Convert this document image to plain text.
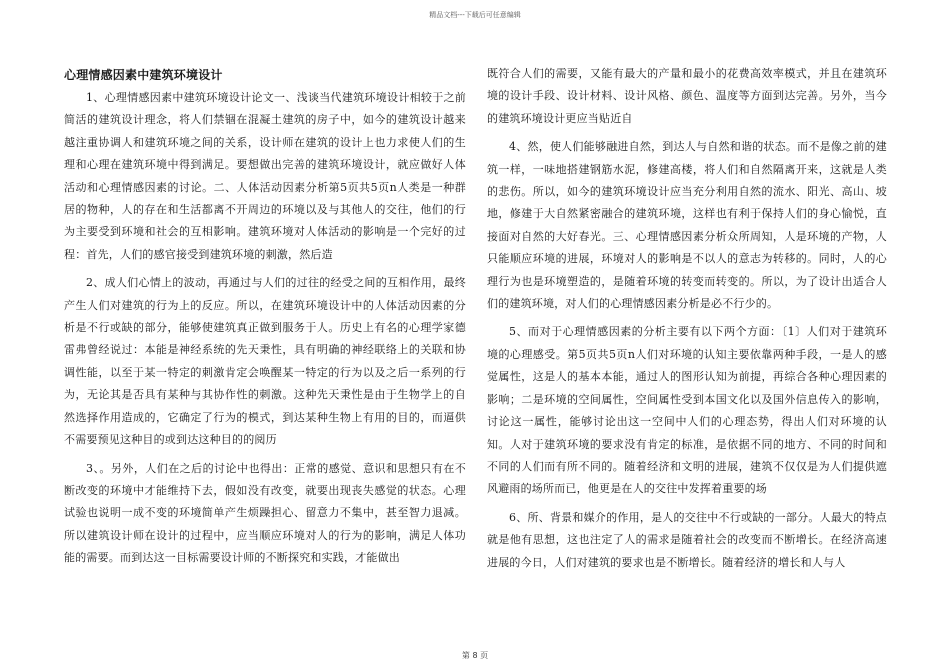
精品文档---下载后可任意编辑
心理情感因素中建筑环境设计

1、心理情感因素中建筑环境设计论文一、浅谈当代建筑环境设计相较于之前简活的建筑设计理念，将人们禁锢在混凝土建筑的房子中，如今的建筑设计越来越注重协调人和建筑环境之间的关系，设计师在建筑的设计上也力求使人们的生理和心理在建筑环境中得到满足。要想做出完善的建筑环境设计，就应做好人体活动和心理情感因素的讨论。二、人体活动因素分析第5页共5页n人类是一种群居的物种，人的存在和生活都离不开周边的环境以及与其他人的交往，他们的行为主要受到环境和社会的互相影响。建筑环境对人体活动的影响是一个完好的过程：首先，人们的感官接受到建筑环境的刺激，然后造

2、成人们心情上的波动，再通过与人们的过往的经受之间的互相作用，最终产生人们对建筑的行为上的反应。所以，在建筑环境设计中的人体活动因素的分析是不行或缺的部分，能够使建筑真正做到服务于人。历史上有名的心理学家德雷弗曾经说过：本能是神经系统的先天秉性，具有明确的神经联络上的关联和协调性能，以至于某一特定的刺激肯定会唤醒某一特定的行为以及之后一系列的行为，无论其是否具有某种与其协作性的刺激。这种先天秉性是由于生物学上的自然选择作用造成的，它确定了行为的模式，到达某种生物上有用的目的，而逼供不需要预见这种目的或到达这种目的的阅历

3、。另外，人们在之后的讨论中也得出：正常的感觉、意识和思想只有在不断改变的环境中才能维持下去，假如没有改变，就要出现丧失感觉的状态。心理试验也说明一成不变的环境简单产生烦躁担心、留意力不集中，甚至智力退减。所以建筑设计师在设计的过程中，应当顺应环境对人的行为的影响，满足人体功能的需要。而到达这一目标需要设计师的不断探究和实践，才能做出

既符合人们的需要，又能有最大的产量和最小的花费高效率模式，并且在建筑环境的设计手段、设计材料、设计风格、颜色、温度等方面到达完善。另外，当今的建筑环境设计更应当贴近自

4、然，使人们能够融进自然，到达人与自然和谐的状态。而不是像之前的建筑一样，一味地搭建钢筋水泥，修建高楼，将人们和自然隔离开来，这就是人类的悲伤。所以，如今的建筑环境设计应当充分利用自然的流水、阳光、高山、坡地，修建于大自然紧密融合的建筑环境，这样也有利于保持人们的身心愉悦，直接面对自然的大好春光。三、心理情感因素分析众所周知，人是环境的产物，人只能顺应环境的进展，环境对人的影响是不以人的意志为转移的。同时，人的心理行为也是环境塑造的，是随着环境的转变而转变的。所以，为了设计出适合人们的建筑环境，对人们的心理情感因素分析是必不行少的。

5、而对于心理情感因素的分析主要有以下两个方面：〔1〕人们对于建筑环境的心理感受。第5页共5页n人们对环境的认知主要依靠两种手段，一是人的感觉属性，这是人的基本本能，通过人的图形认知为前提，再综合各种心理因素的影响；二是环境的空间属性，空间属性受到本国文化以及国外信息传入的影响，讨论这一属性，能够讨论出这一空间中人们的心理态势，得出人们对环境的认知。人对于建筑环境的要求没有肯定的标准，是依据不同的地方、不同的时间和不同的人们而有所不同的。随着经济和文明的进展，建筑不仅仅是为人们提供遮风避雨的场所而已，他更是在人的交往中发挥着重要的场

6、所、背景和媒介的作用，是人的交往中不行或缺的一部分。人最大的特点就是他有思想，这也注定了人的需求是随着社会的改变而不断增长。在经济高速进展的今日，人们对建筑的要求也是不断增长。随着经济的增长和人与人

第 8 页
